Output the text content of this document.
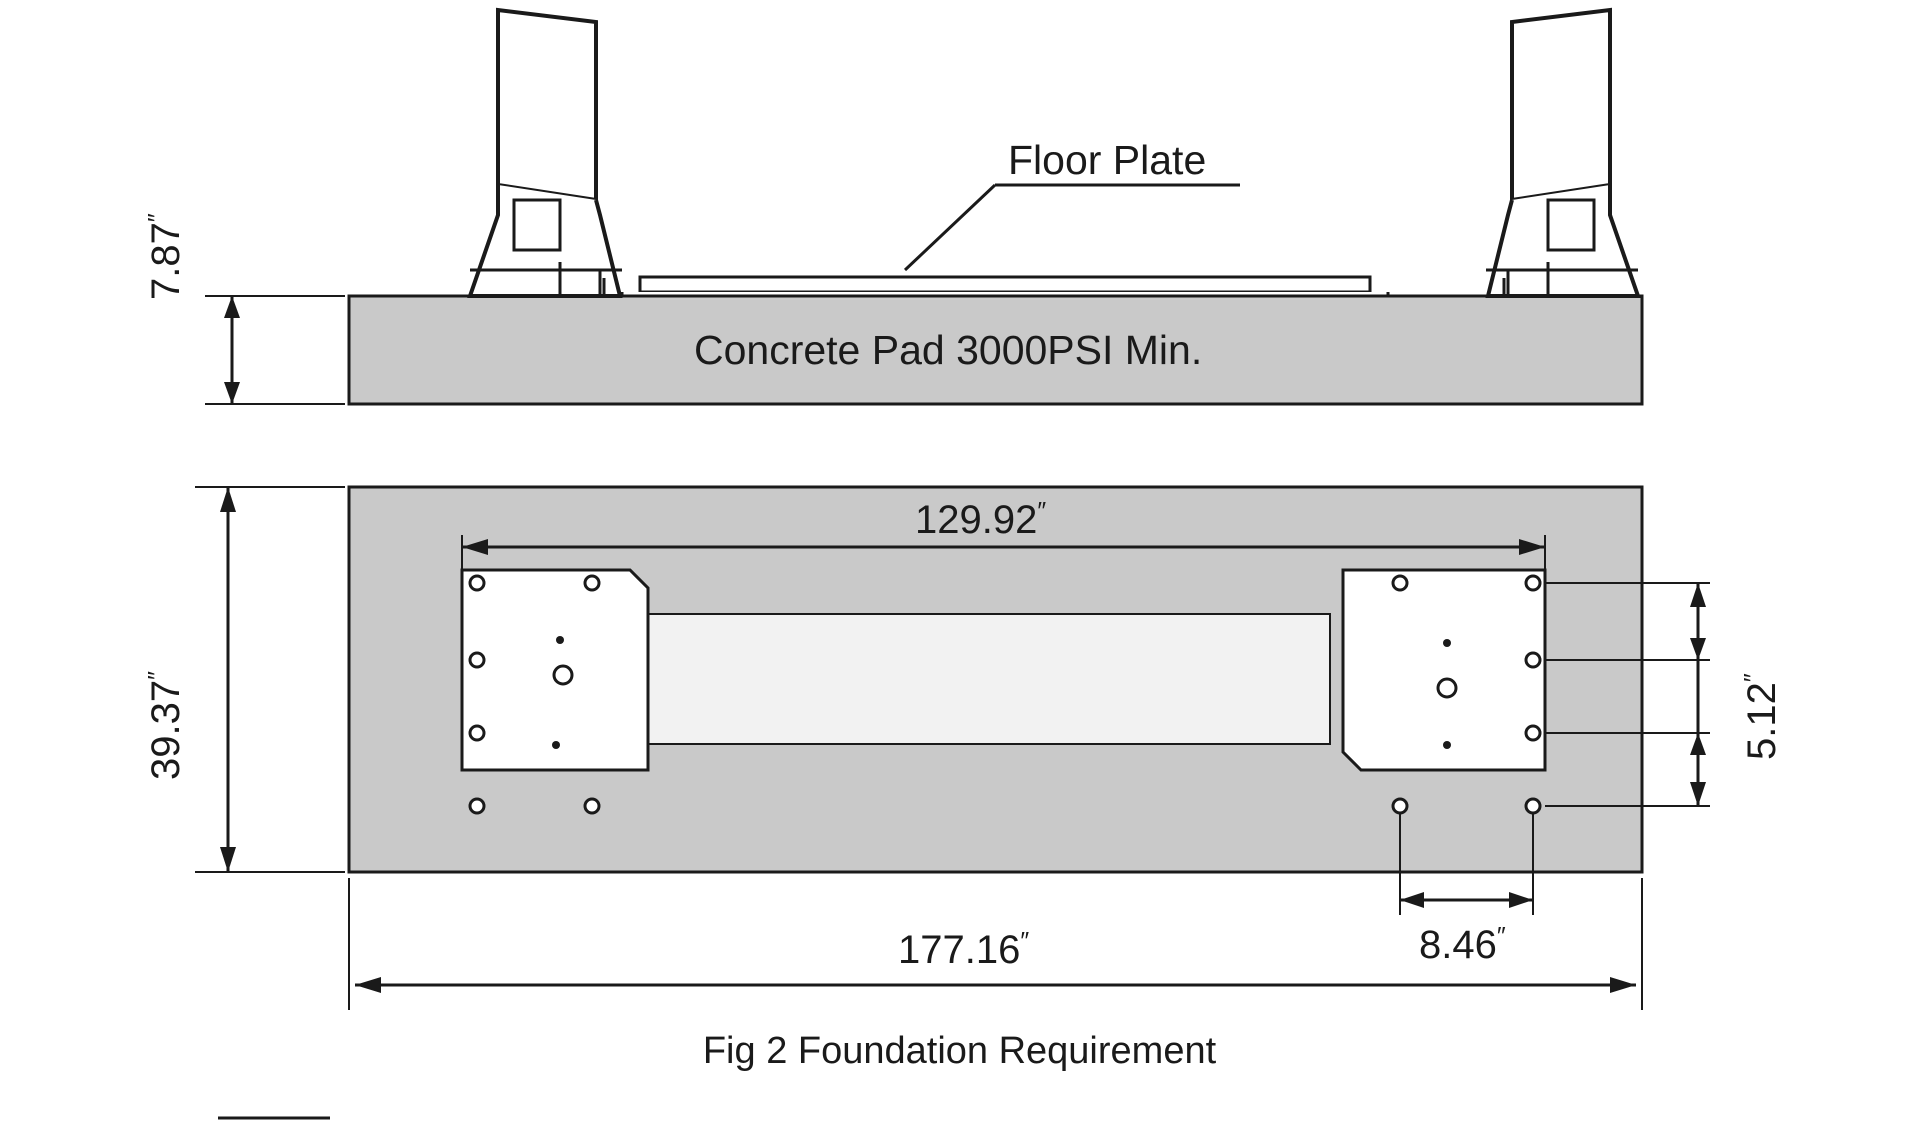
Floor Plate
Concrete Pad 3000PSI Min.
7.87″
39.37″
129.92″
5.12″
177.16″	8.46″
Fig 2 Foundation Requirement
